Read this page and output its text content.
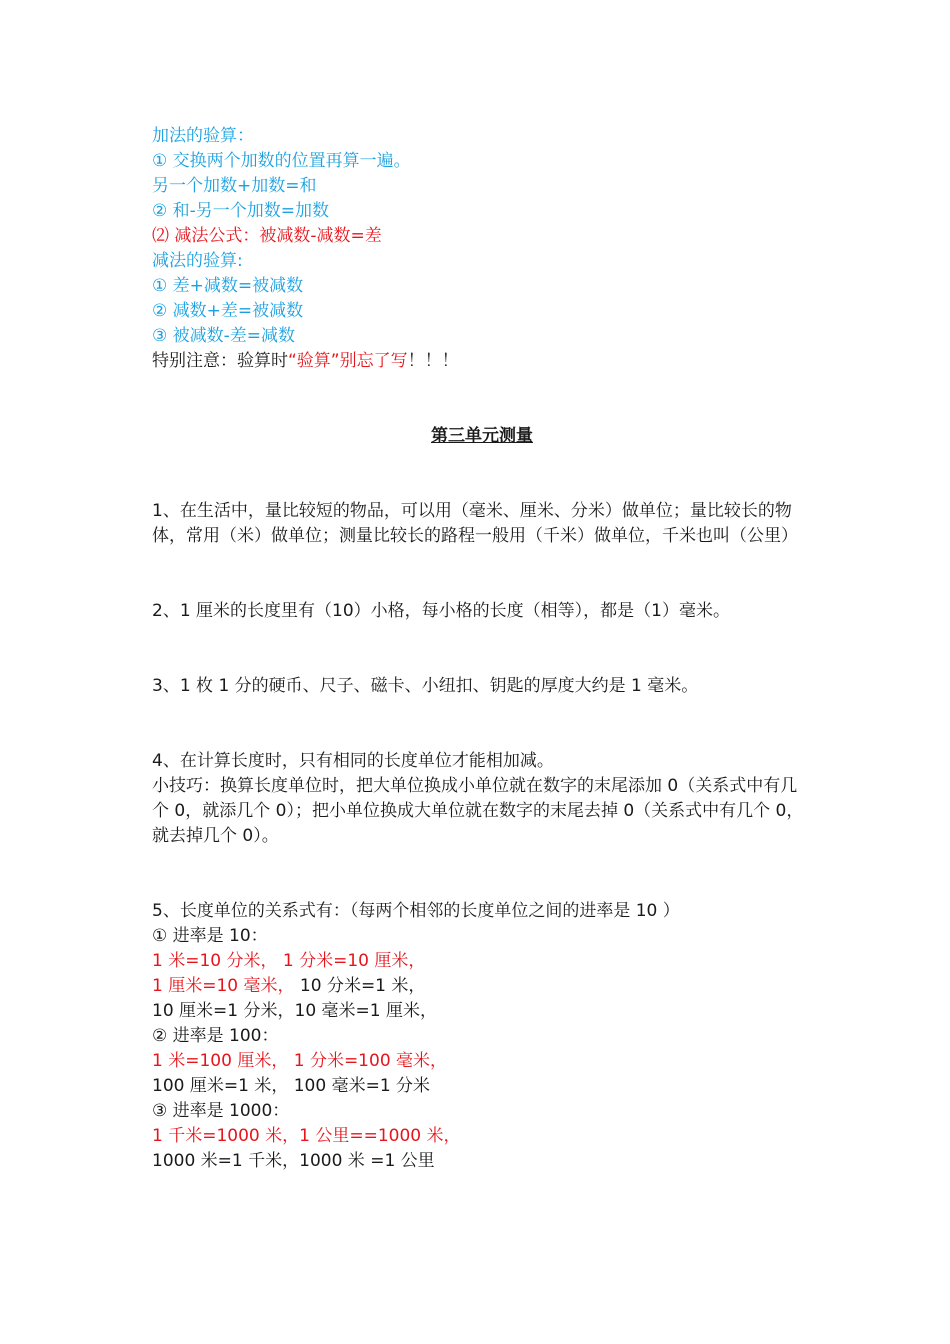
加法的验算：
① 交换两个加数的位置再算一遍。
另一个加数+加数=和
② 和-另一个加数=加数
⑵ 减法公式：被减数-减数=差
减法的验算:
① 差+减数=被减数
② 减数+差=被减数
③ 被减数-差=减数
特别注意：验算时“验算”别忘了写！！！
第三单元测量
1、在生活中，量比较短的物品，可以用（毫米、厘米、分米）做单位；量比较长的物体，常用（米）做单位；测量比较长的路程一般用（千米）做单位，千米也叫（公里）
2、1 厘米的长度里有（10）小格，每小格的长度（相等），都是（1）毫米。
3、1 枚 1 分的硬币、尺子、磁卡、小纽扣、钥匙的厚度大约是 1 毫米。
4、在计算长度时，只有相同的长度单位才能相加减。
小技巧：换算长度单位时，把大单位换成小单位就在数字的末尾添加 0（关系式中有几个 0，就添几个 0）；把小单位换成大单位就在数字的末尾去掉 0（关系式中有几个 0，就去掉几个 0）。
5、长度单位的关系式有：（每两个相邻的长度单位之间的进率是 10 ）
① 进率是 10：
1 米=10 分米， 1 分米=10 厘米，
1 厘米=10 毫米， 10 分米=1 米，
10 厘米=1 分米，10 毫米=1 厘米，
② 进率是 100：
1 米=100 厘米， 1 分米=100 毫米，
100 厘米=1 米， 100 毫米=1 分米
③ 进率是 1000：
1 千米=1000 米，1 公里==1000 米，
1000 米=1 千米，1000 米 =1 公里
